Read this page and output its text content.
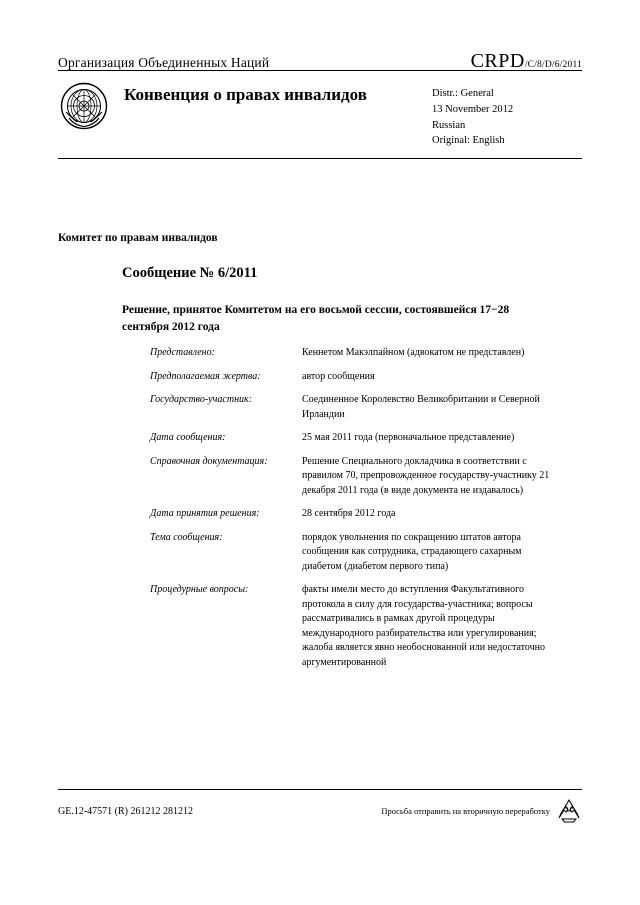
Организация Объединенных Наций	CRPD /C/8/D/6/2011
Конвенция о правах инвалидов	Distr.: General
13 November 2012
Russian
Original: English
Комитет по правам инвалидов
Сообщение № 6/2011
Решение, принятое Комитетом на его восьмой сессии, состоявшейся 17−28 сентября 2012 года
Представлено:	Кеннетом Макэлпайном (адвокатом не представлен)
Предполагаемая жертва:	автор сообщения
Государство-участник:	Соединенное Королевство Великобритании и Северной Ирландии
Дата сообщения:	25 мая 2011 года (первоначальное представление)
Справочная документация:	Решение Специального докладчика в соответствии с правилом 70, препровожденное государству-участнику 21 декабря 2011 года (в виде документа не издавалось)
Дата принятия решения:	28 сентября 2012 года
Тема сообщения:	порядок увольнения по сокращению штатов автора сообщения как сотрудника, страдающего сахарным диабетом (диабетом первого типа)
Процедурные вопросы:	факты имели место до вступления Факультативного протокола в силу для государства-участника; вопросы рассматривались в рамках другой процедуры международного разбирательства или урегулирования; жалоба является явно необоснованной или недостаточно аргументированной
GE.12-47571 (R) 261212 281212	Просьба отправить на вторичную переработку
